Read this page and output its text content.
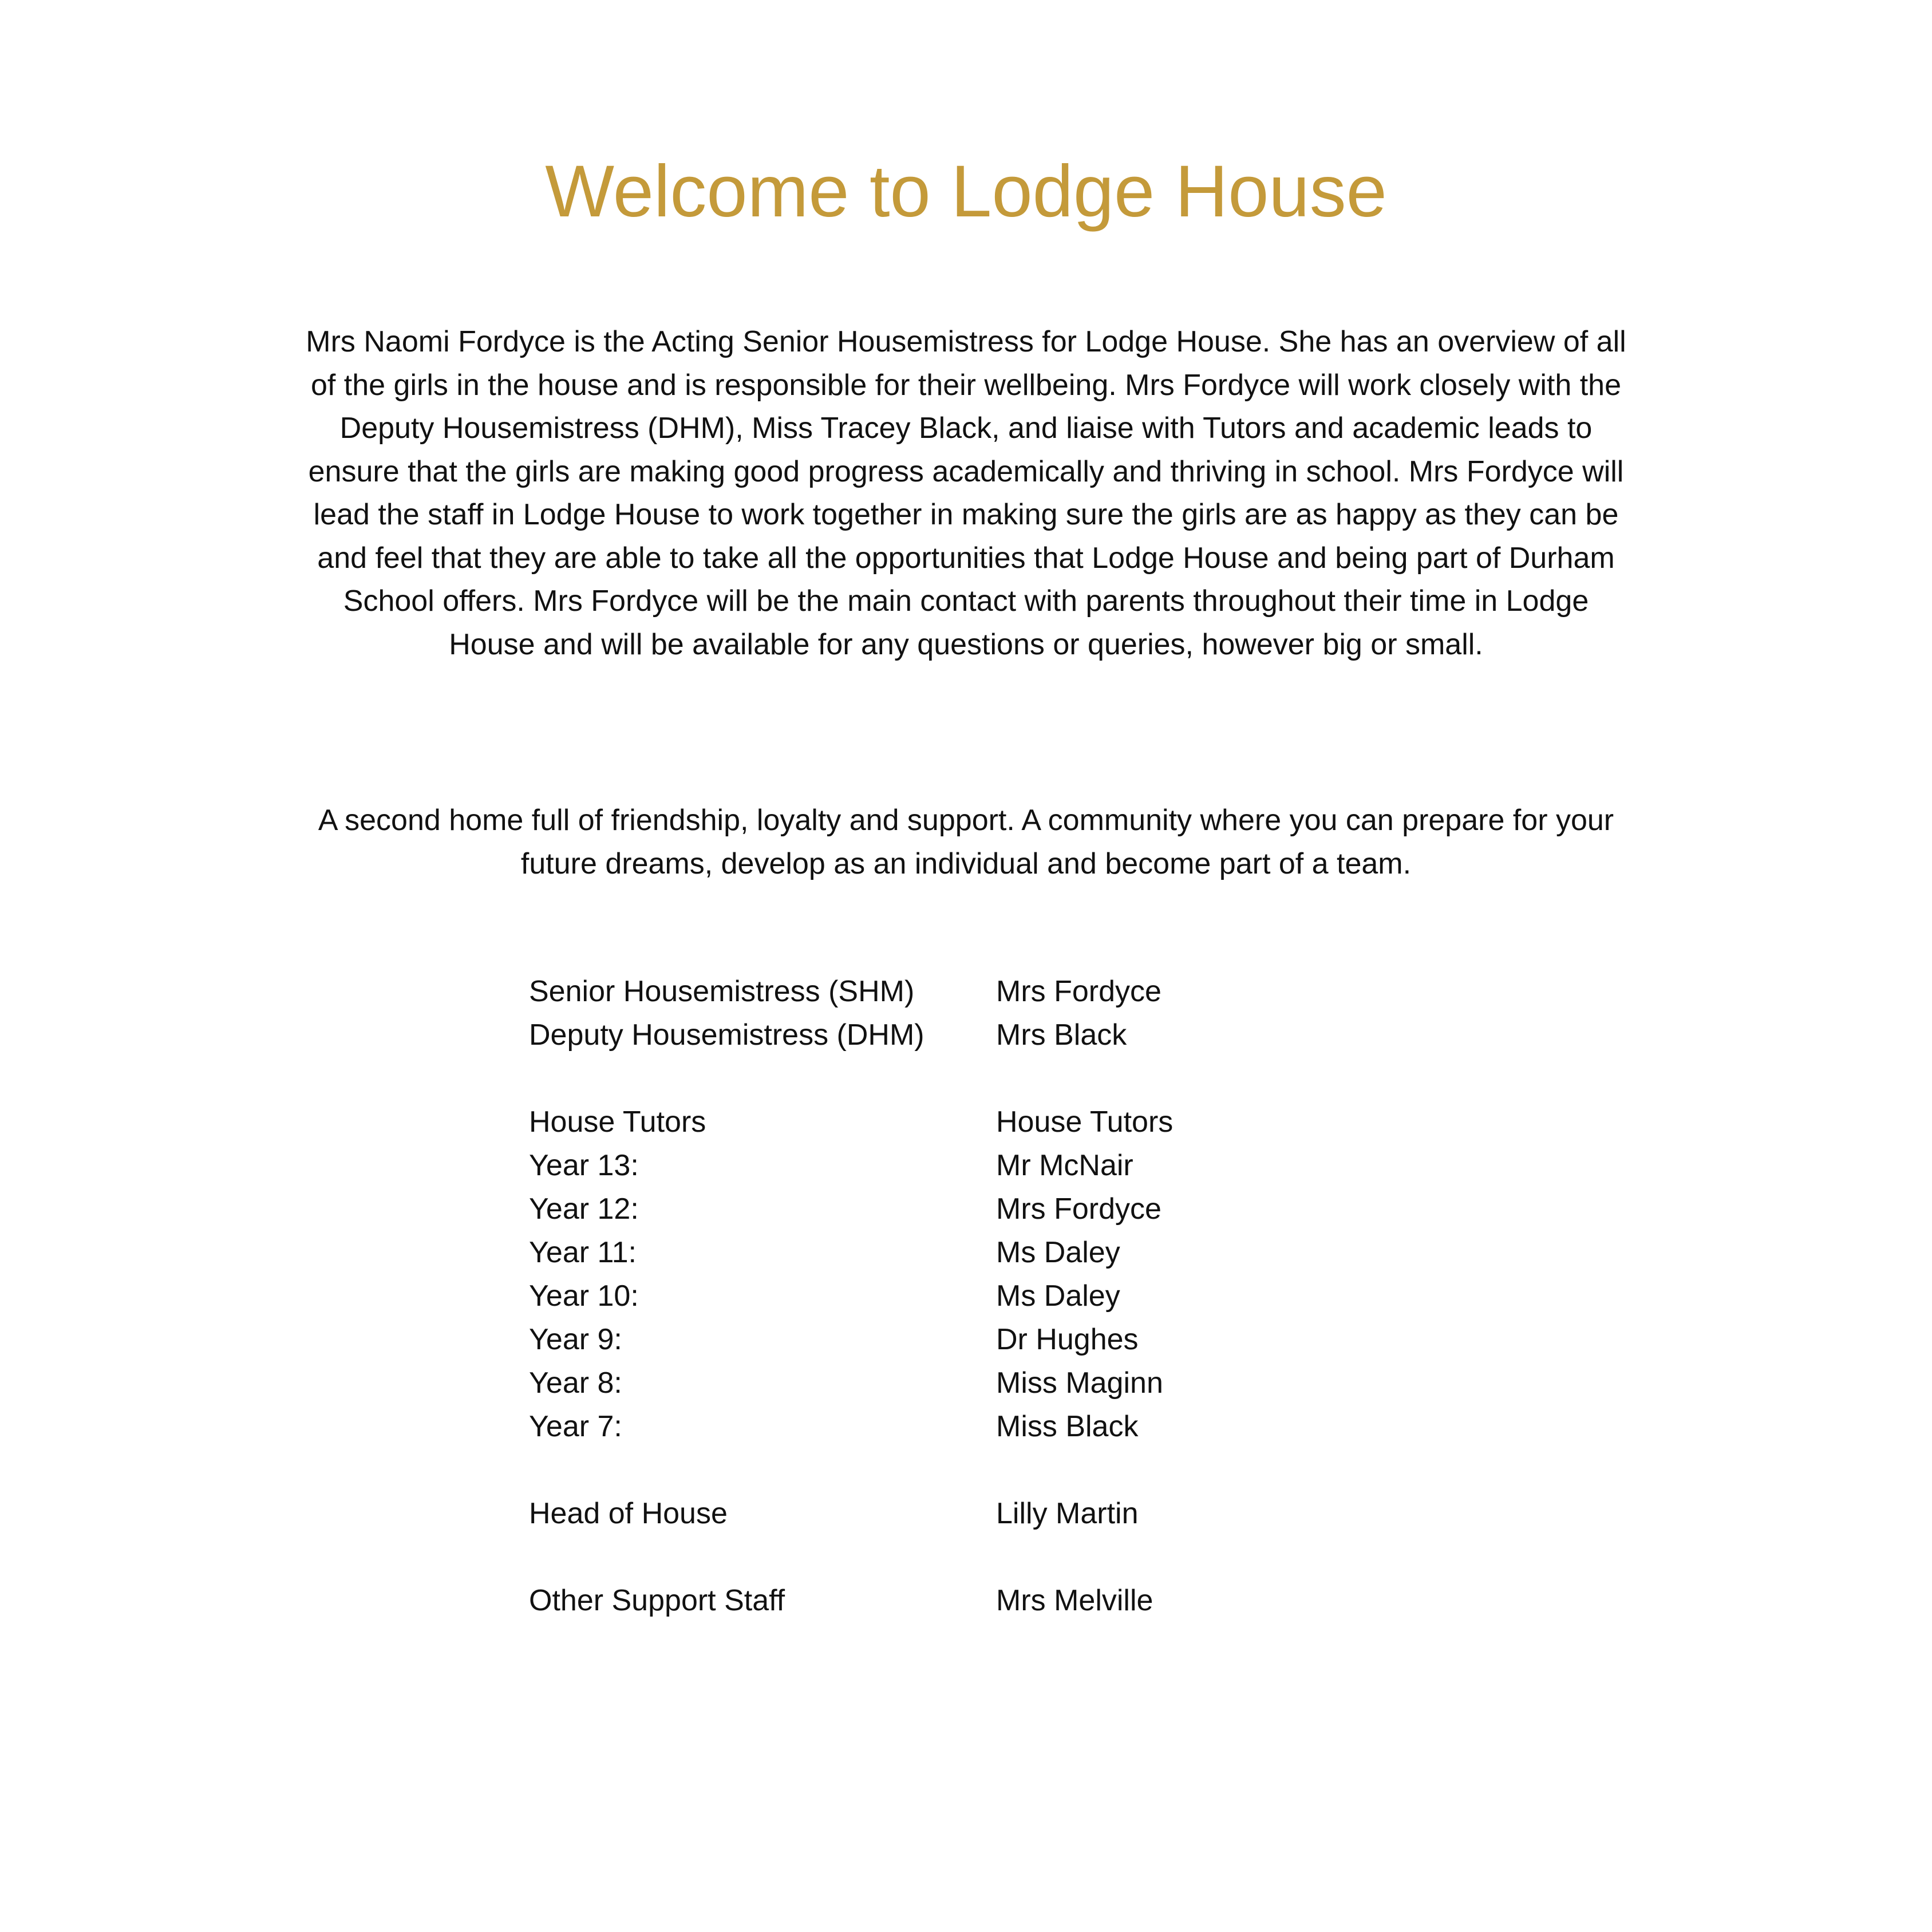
Welcome to Lodge House

Mrs Naomi Fordyce is the Acting Senior Housemistress for Lodge House. She has an overview of all of the girls in the house and is responsible for their wellbeing. Mrs Fordyce will work closely with the Deputy Housemistress (DHM), Miss Tracey Black, and liaise with Tutors and academic leads to ensure that the girls are making good progress academically and thriving in school. Mrs Fordyce will lead the staff in Lodge House to work together in making sure the girls are as happy as they can be and feel that they are able to take all the opportunities that Lodge House and being part of Durham School offers. Mrs Fordyce will be the main contact with parents throughout their time in Lodge House and will be available for any questions or queries, however big or small.

A second home full of friendship, loyalty and support. A community where you can prepare for your future dreams, develop as an individual and become part of a team.

Senior Housemistress (SHM)	Mrs Fordyce
Deputy Housemistress (DHM)	Mrs Black
House Tutors	House Tutors
Year 13:	Mr McNair
Year 12:	Mrs Fordyce
Year 11:	Ms Daley
Year 10:	Ms Daley
Year 9:	Dr Hughes
Year 8:	Miss Maginn
Year 7:	Miss Black
Head of House	Lilly Martin
Other Support Staff	Mrs Melville
